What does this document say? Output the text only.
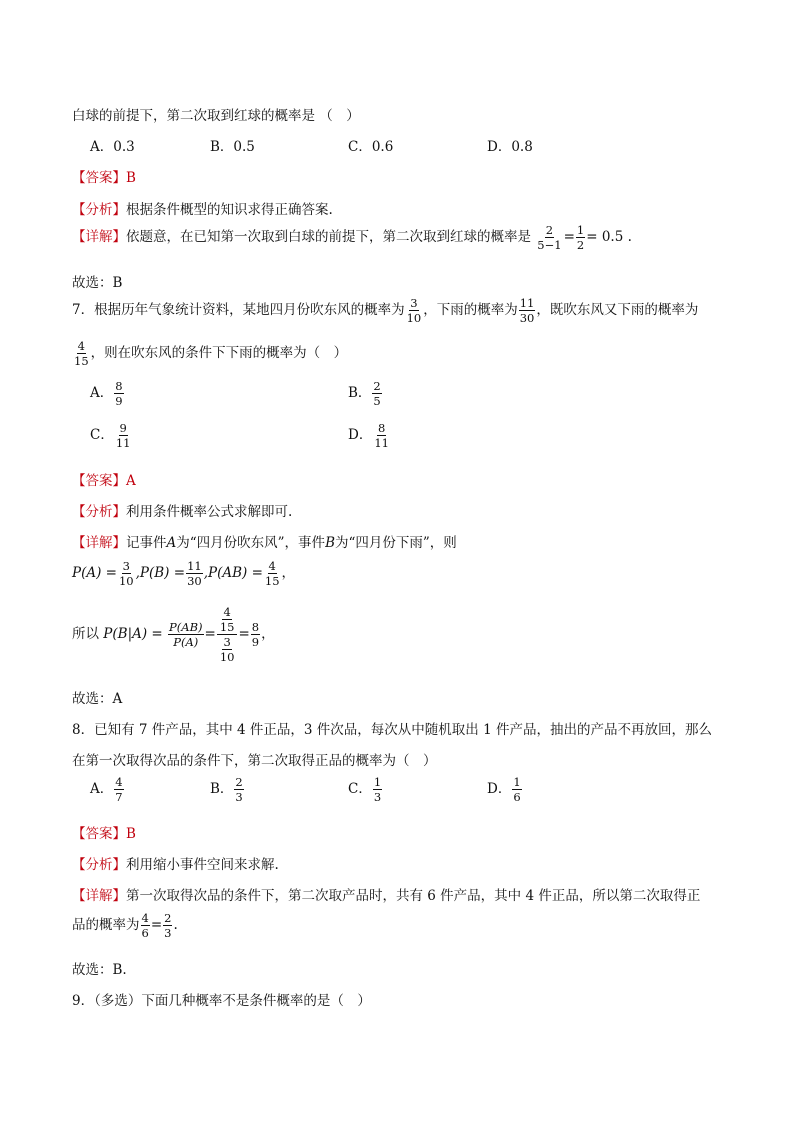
白球的前提下，第二次取到红球的概率是 （　）
A．0.3	B．0.5	C．0.6	D．0.8
【答案】B
【分析】根据条件概型的知识求得正确答案.
【详解】依题意，在已知第一次取到白球的前提下，第二次取到红球的概率是 $\frac{2}{5-1} = \frac{1}{2} = 0.5$ .
故选：B
7．根据历年气象统计资料，某地四月份吹东风的概率为 $\frac{3}{10}$ ，下雨的概率为 $\frac{11}{30}$ ，既吹东风又下雨的概率为
$\frac{4}{15}$ ，则在吹东风的条件下下雨的概率为（　）
A． $\frac{8}{9}$	B． $\frac{2}{5}$
C． $\frac{9}{11}$	D． $\frac{8}{11}$
【答案】A
【分析】利用条件概率公式求解即可.
【详解】记事件A为“四月份吹东风”，事件B为“四月份下雨”，则
$P(A) = \frac{3}{10} ,P(B) = \frac{11}{30} ,P(AB) = \frac{4}{15}$ ，
所以 $P(B|A) = \frac{P(AB)}{P(A)} = \frac{\frac{4}{15}}{\frac{3}{10}} = \frac{8}{9}$ ，
故选：A
8．已知有 7 件产品，其中 4 件正品，3 件次品，每次从中随机取出 1 件产品，抽出的产品不再放回，那么
在第一次取得次品的条件下，第二次取得正品的概率为（　）
A． $\frac{4}{7}$	B． $\frac{2}{3}$	C． $\frac{1}{3}$	D． $\frac{1}{6}$
【答案】B
【分析】利用缩小事件空间来求解.
【详解】第一次取得次品的条件下，第二次取产品时，共有 6 件产品，其中 4 件正品，所以第二次取得正
品的概率为 $\frac{4}{6} = \frac{2}{3}$ .
故选：B.
9．（多选）下面几种概率不是条件概率的是（　）
